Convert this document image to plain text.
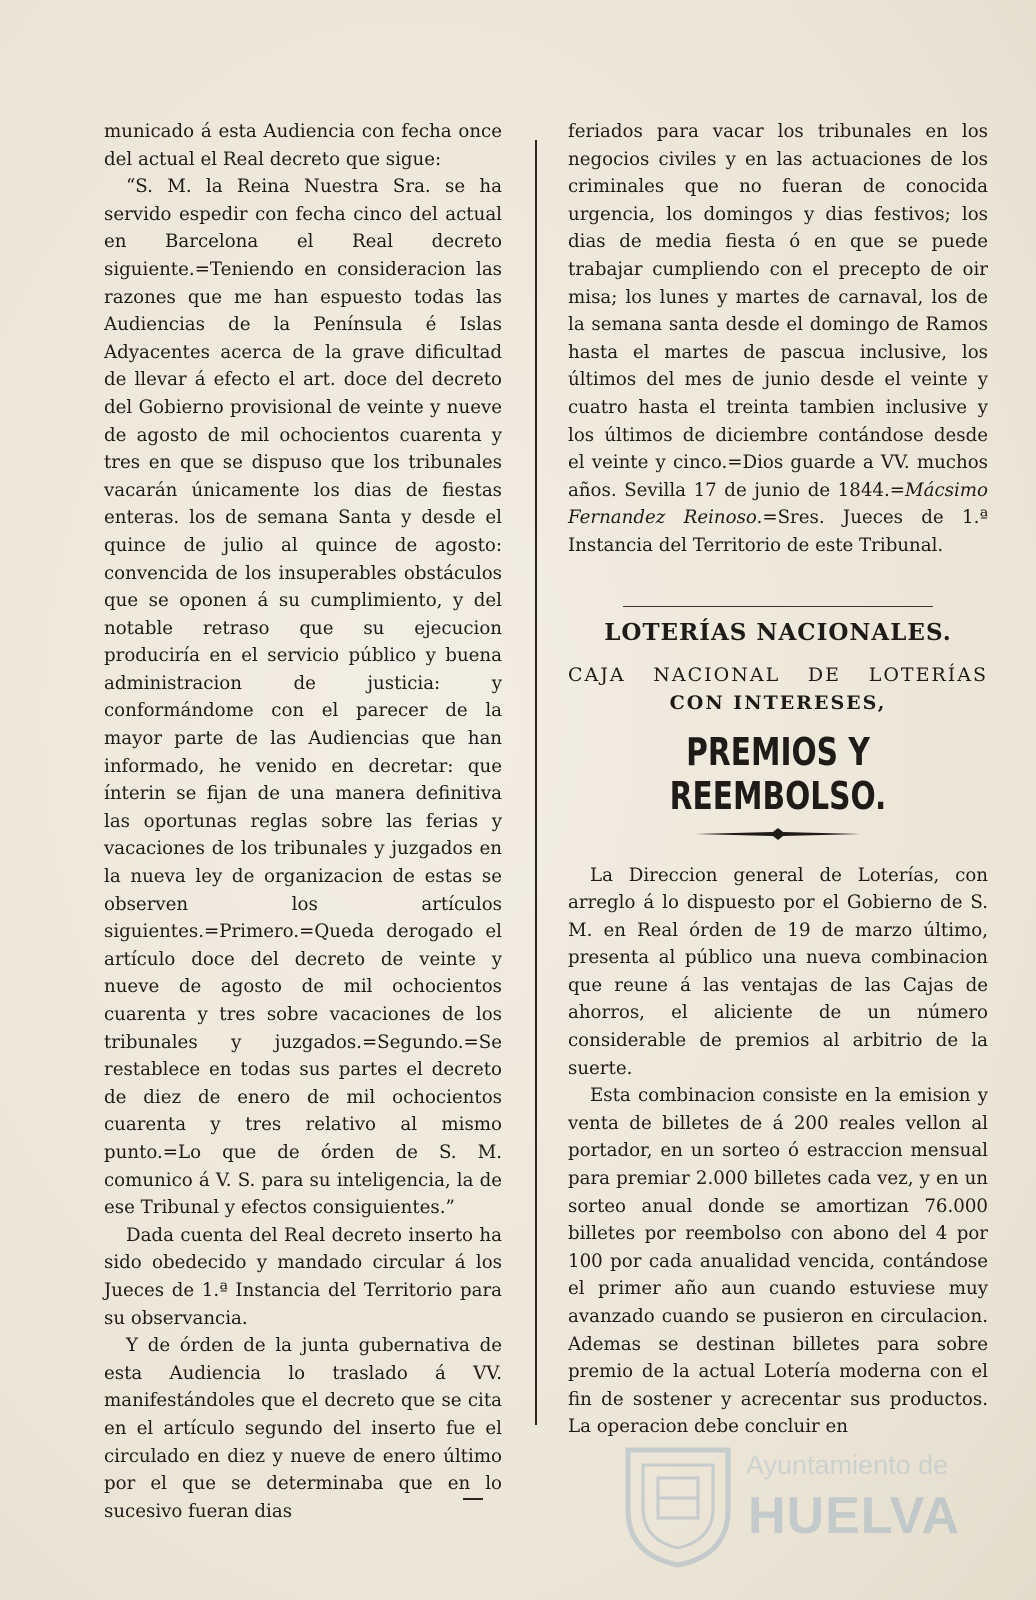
municado á esta Audiencia con fecha once del actual el Real decreto que sigue:

“S. M. la Reina Nuestra Sra. se ha servido espedir con fecha cinco del actual en Barcelona el Real decreto siguiente.=Teniendo en consideracion las razones que me han espuesto todas las Audiencias de la Península é Islas Adyacentes acerca de la grave dificultad de llevar á efecto el art. doce del decreto del Gobierno provisional de veinte y nueve de agosto de mil ochocientos cuarenta y tres en que se dispuso que los tribunales vacarán únicamente los dias de fiestas enteras. los de semana Santa y desde el quince de julio al quince de agosto: convencida de los insuperables obstáculos que se oponen á su cumplimiento, y del notable retraso que su ejecucion produciría en el servicio público y buena administracion de justicia: y conformándome con el parecer de la mayor parte de las Audiencias que han informado, he venido en decretar: que ínterin se fijan de una manera definitiva las oportunas reglas sobre las ferias y vacaciones de los tribunales y juzgados en la nueva ley de organizacion de estas se observen los artículos siguientes.=Primero.=Queda derogado el artículo doce del decreto de veinte y nueve de agosto de mil ochocientos cuarenta y tres sobre vacaciones de los tribunales y juzgados.=Segundo.=Se restablece en todas sus partes el decreto de diez de enero de mil ochocientos cuarenta y tres relativo al mismo punto.=Lo que de órden de S. M. comunico á V. S. para su inteligencia, la de ese Tribunal y efectos consiguientes.”

Dada cuenta del Real decreto inserto ha sido obedecido y mandado circular á los Jueces de 1.ª Instancia del Territorio para su observancia.

Y de órden de la junta gubernativa de esta Audiencia lo traslado á VV. manifestándoles que el decreto que se cita en el artículo segundo del inserto fue el circulado en diez y nueve de enero último por el que se determinaba que en lo sucesivo fueran dias

feriados para vacar los tribunales en los negocios civiles y en las actuaciones de los criminales que no fueran de conocida urgencia, los domingos y dias festivos; los dias de media fiesta ó en que se puede trabajar cumpliendo con el precepto de oir misa; los lunes y martes de carnaval, los de la semana santa desde el domingo de Ramos hasta el martes de pascua inclusive, los últimos del mes de junio desde el veinte y cuatro hasta el treinta tambien inclusive y los últimos de diciembre contándose desde el veinte y cinco.=Dios guarde a VV. muchos años. Sevilla 17 de junio de 1844.=Mácsimo Fernandez Reinoso.=Sres. Jueces de 1.ª Instancia del Territorio de este Tribunal.

LOTERÍAS NACIONALES.
CAJA NACIONAL DE LOTERÍAS
CON INTERESES,
PREMIOS Y REEMBOLSO.

La Direccion general de Loterías, con arreglo á lo dispuesto por el Gobierno de S. M. en Real órden de 19 de marzo último, presenta al público una nueva combinacion que reune á las ventajas de las Cajas de ahorros, el aliciente de un número considerable de premios al arbitrio de la suerte.

Esta combinacion consiste en la emision y venta de billetes de á 200 reales vellon al portador, en un sorteo ó estraccion mensual para premiar 2.000 billetes cada vez, y en un sorteo anual donde se amortizan 76.000 billetes por reembolso con abono del 4 por 100 por cada anualidad vencida, contándose el primer año aun cuando estuviese muy avanzado cuando se pusieron en circulacion. Ademas se destinan billetes para sobre premio de la actual Lotería moderna con el fin de sostener y acrecentar sus productos. La operacion debe concluir en

Ayuntamiento de
HUELVA
